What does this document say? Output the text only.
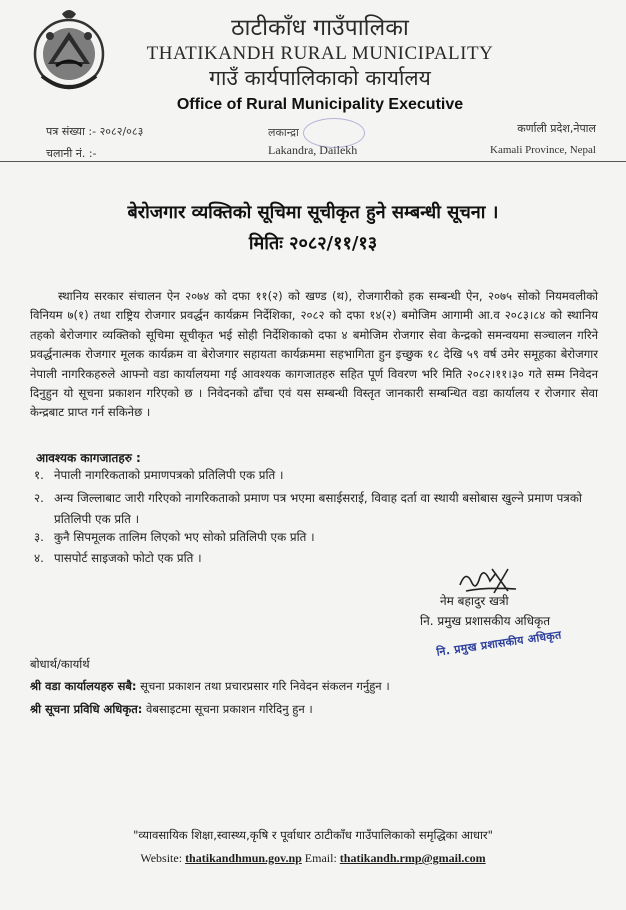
ठाटीकाँध गाउँपालिका
THATIKANDH RURAL MUNICIPALITY
गाउँ कार्यपालिकाको कार्यालय
Office of Rural Municipality Executive
पत्र संख्या :- २०८२/०८३
चलानी नं. :-
लकान्द्रा
Lakandra, Dailekh
कर्णाली प्रदेश,नेपाल
Kamali Province, Nepal
बेरोजगार व्यक्तिको सूचिमा सूचीकृत हुने सम्बन्धी सूचना ।
मितिः २०८२/११/१३
स्थानिय सरकार संचालन ऐन २०७४ को दफा ११(२) को खण्ड (थ), रोजगारीको हक सम्बन्धी ऐन, २०७५ सोको नियमवलीको विनियम ७(१) तथा राष्ट्रिय रोजगार प्रवर्द्धन कार्यक्रम निर्देशिका, २०८२ को दफा १४(२) बमोजिम आगामी आ.व २०८३।८४ को स्थानिय तहको बेरोजगार व्यक्तिको सूचिमा सूचीकृत भई सोही निर्देशिकाको दफा ४ बमोजिम रोजगार सेवा केन्द्रको समन्वयमा सञ्चालन गरिने प्रवर्द्धनात्मक रोजगार मूलक कार्यक्रम वा बेरोजगार सहायता कार्यक्रममा सहभागिता हुन इच्छुक १८ देखि ५९ वर्ष उमेर समूहका बेरोजगार नेपाली नागरिकहरुले आफ्नो वडा कार्यालयमा गई आवश्यक कागजातहरु सहित पूर्ण विवरण भरि मिति २०८२।११।३० गते सम्म निवेदन दिनुहुन यो सूचना प्रकाशन गरिएको छ । निवेदनको ढाँचा एवं यस सम्बन्धी विस्तृत जानकारी सम्बन्धित वडा कार्यालय र रोजगार सेवा केन्द्रबाट प्राप्त गर्न सकिनेछ ।
आवश्यक कागजातहरु :
१. नेपाली नागरिकताको प्रमाणपत्रको प्रतिलिपी एक प्रति ।
२. अन्य जिल्लाबाट जारी गरिएको नागरिकताको प्रमाण पत्र भएमा बसाईसराई, विवाह दर्ता वा स्थायी बसोबास खुल्ने प्रमाण पत्रको प्रतिलिपी एक प्रति ।
३. कुनै सिपमूलक तालिम लिएको भए सोको प्रतिलिपी एक प्रति ।
४. पासपोर्ट साइजको फोटो एक प्रति ।
नेम बहादुर खत्री
नि. प्रमुख प्रशासकीय अधिकृत
नि. प्रमुख प्रशासकीय अधिकृत
बोधार्थ/कार्यार्थ
श्री वडा कार्यालयहरु सबै: सूचना प्रकाशन तथा प्रचारप्रसार गरि निवेदन संकलन गर्नुहुन ।
श्री सूचना प्रविधि अधिकृत: वेबसाइटमा सूचना प्रकाशन गरिदिनु हुन ।
"व्यावसायिक शिक्षा,स्वास्थ्य,कृषि र पूर्वाधार ठाटीकाँध गाउँपालिकाको समृद्धिका आधार"
Website: thatikandhmun.gov.np Email: thatikandh.rmp@gmail.com
